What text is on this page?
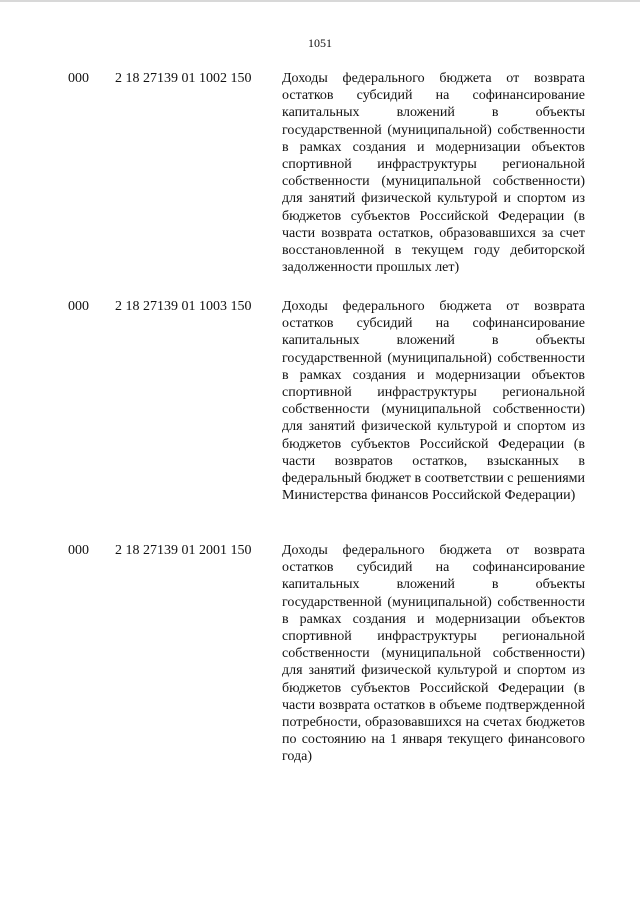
1051
000 2 18 27139 01 1002 150 Доходы федерального бюджета от возврата остатков субсидий на софинансирование капитальных вложений в объекты государственной (муниципальной) собственности в рамках создания и модернизации объектов спортивной инфраструктуры региональной собственности (муниципальной собственности) для занятий физической культурой и спортом из бюджетов субъектов Российской Федерации (в части возврата остатков, образовавшихся за счет восстановленной в текущем году дебиторской задолженности прошлых лет)
000 2 18 27139 01 1003 150 Доходы федерального бюджета от возврата остатков субсидий на софинансирование капитальных вложений в объекты государственной (муниципальной) собственности в рамках создания и модернизации объектов спортивной инфраструктуры региональной собственности (муниципальной собственности) для занятий физической культурой и спортом из бюджетов субъектов Российской Федерации (в части возвратов остатков, взысканных в федеральный бюджет в соответствии с решениями Министерства финансов Российской Федерации)
000 2 18 27139 01 2001 150 Доходы федерального бюджета от возврата остатков субсидий на софинансирование капитальных вложений в объекты государственной (муниципальной) собственности в рамках создания и модернизации объектов спортивной инфраструктуры региональной собственности (муниципальной собственности) для занятий физической культурой и спортом из бюджетов субъектов Российской Федерации (в части возврата остатков в объеме подтвержденной потребности, образовавшихся на счетах бюджетов по состоянию на 1 января текущего финансового года)
